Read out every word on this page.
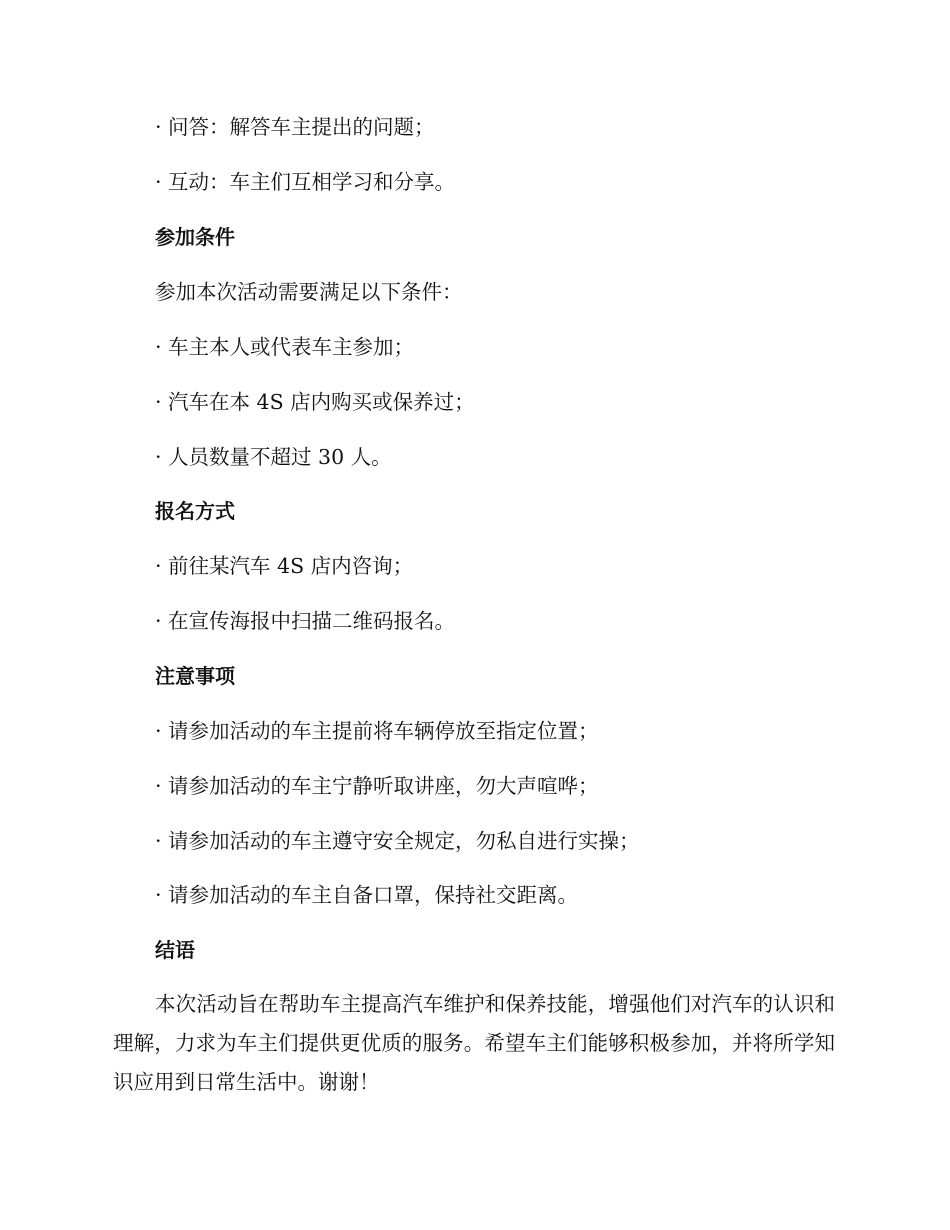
· 问答：解答车主提出的问题；
· 互动：车主们互相学习和分享。
参加条件
参加本次活动需要满足以下条件：
· 车主本人或代表车主参加；
· 汽车在本 4S 店内购买或保养过；
· 人员数量不超过 30 人。
报名方式
· 前往某汽车 4S 店内咨询；
· 在宣传海报中扫描二维码报名。
注意事项
· 请参加活动的车主提前将车辆停放至指定位置；
· 请参加活动的车主宁静听取讲座，勿大声喧哗；
· 请参加活动的车主遵守安全规定，勿私自进行实操；
· 请参加活动的车主自备口罩，保持社交距离。
结语
本次活动旨在帮助车主提高汽车维护和保养技能，增强他们对汽车的认识和理解，力求为车主们提供更优质的服务。希望车主们能够积极参加，并将所学知识应用到日常生活中。谢谢！
